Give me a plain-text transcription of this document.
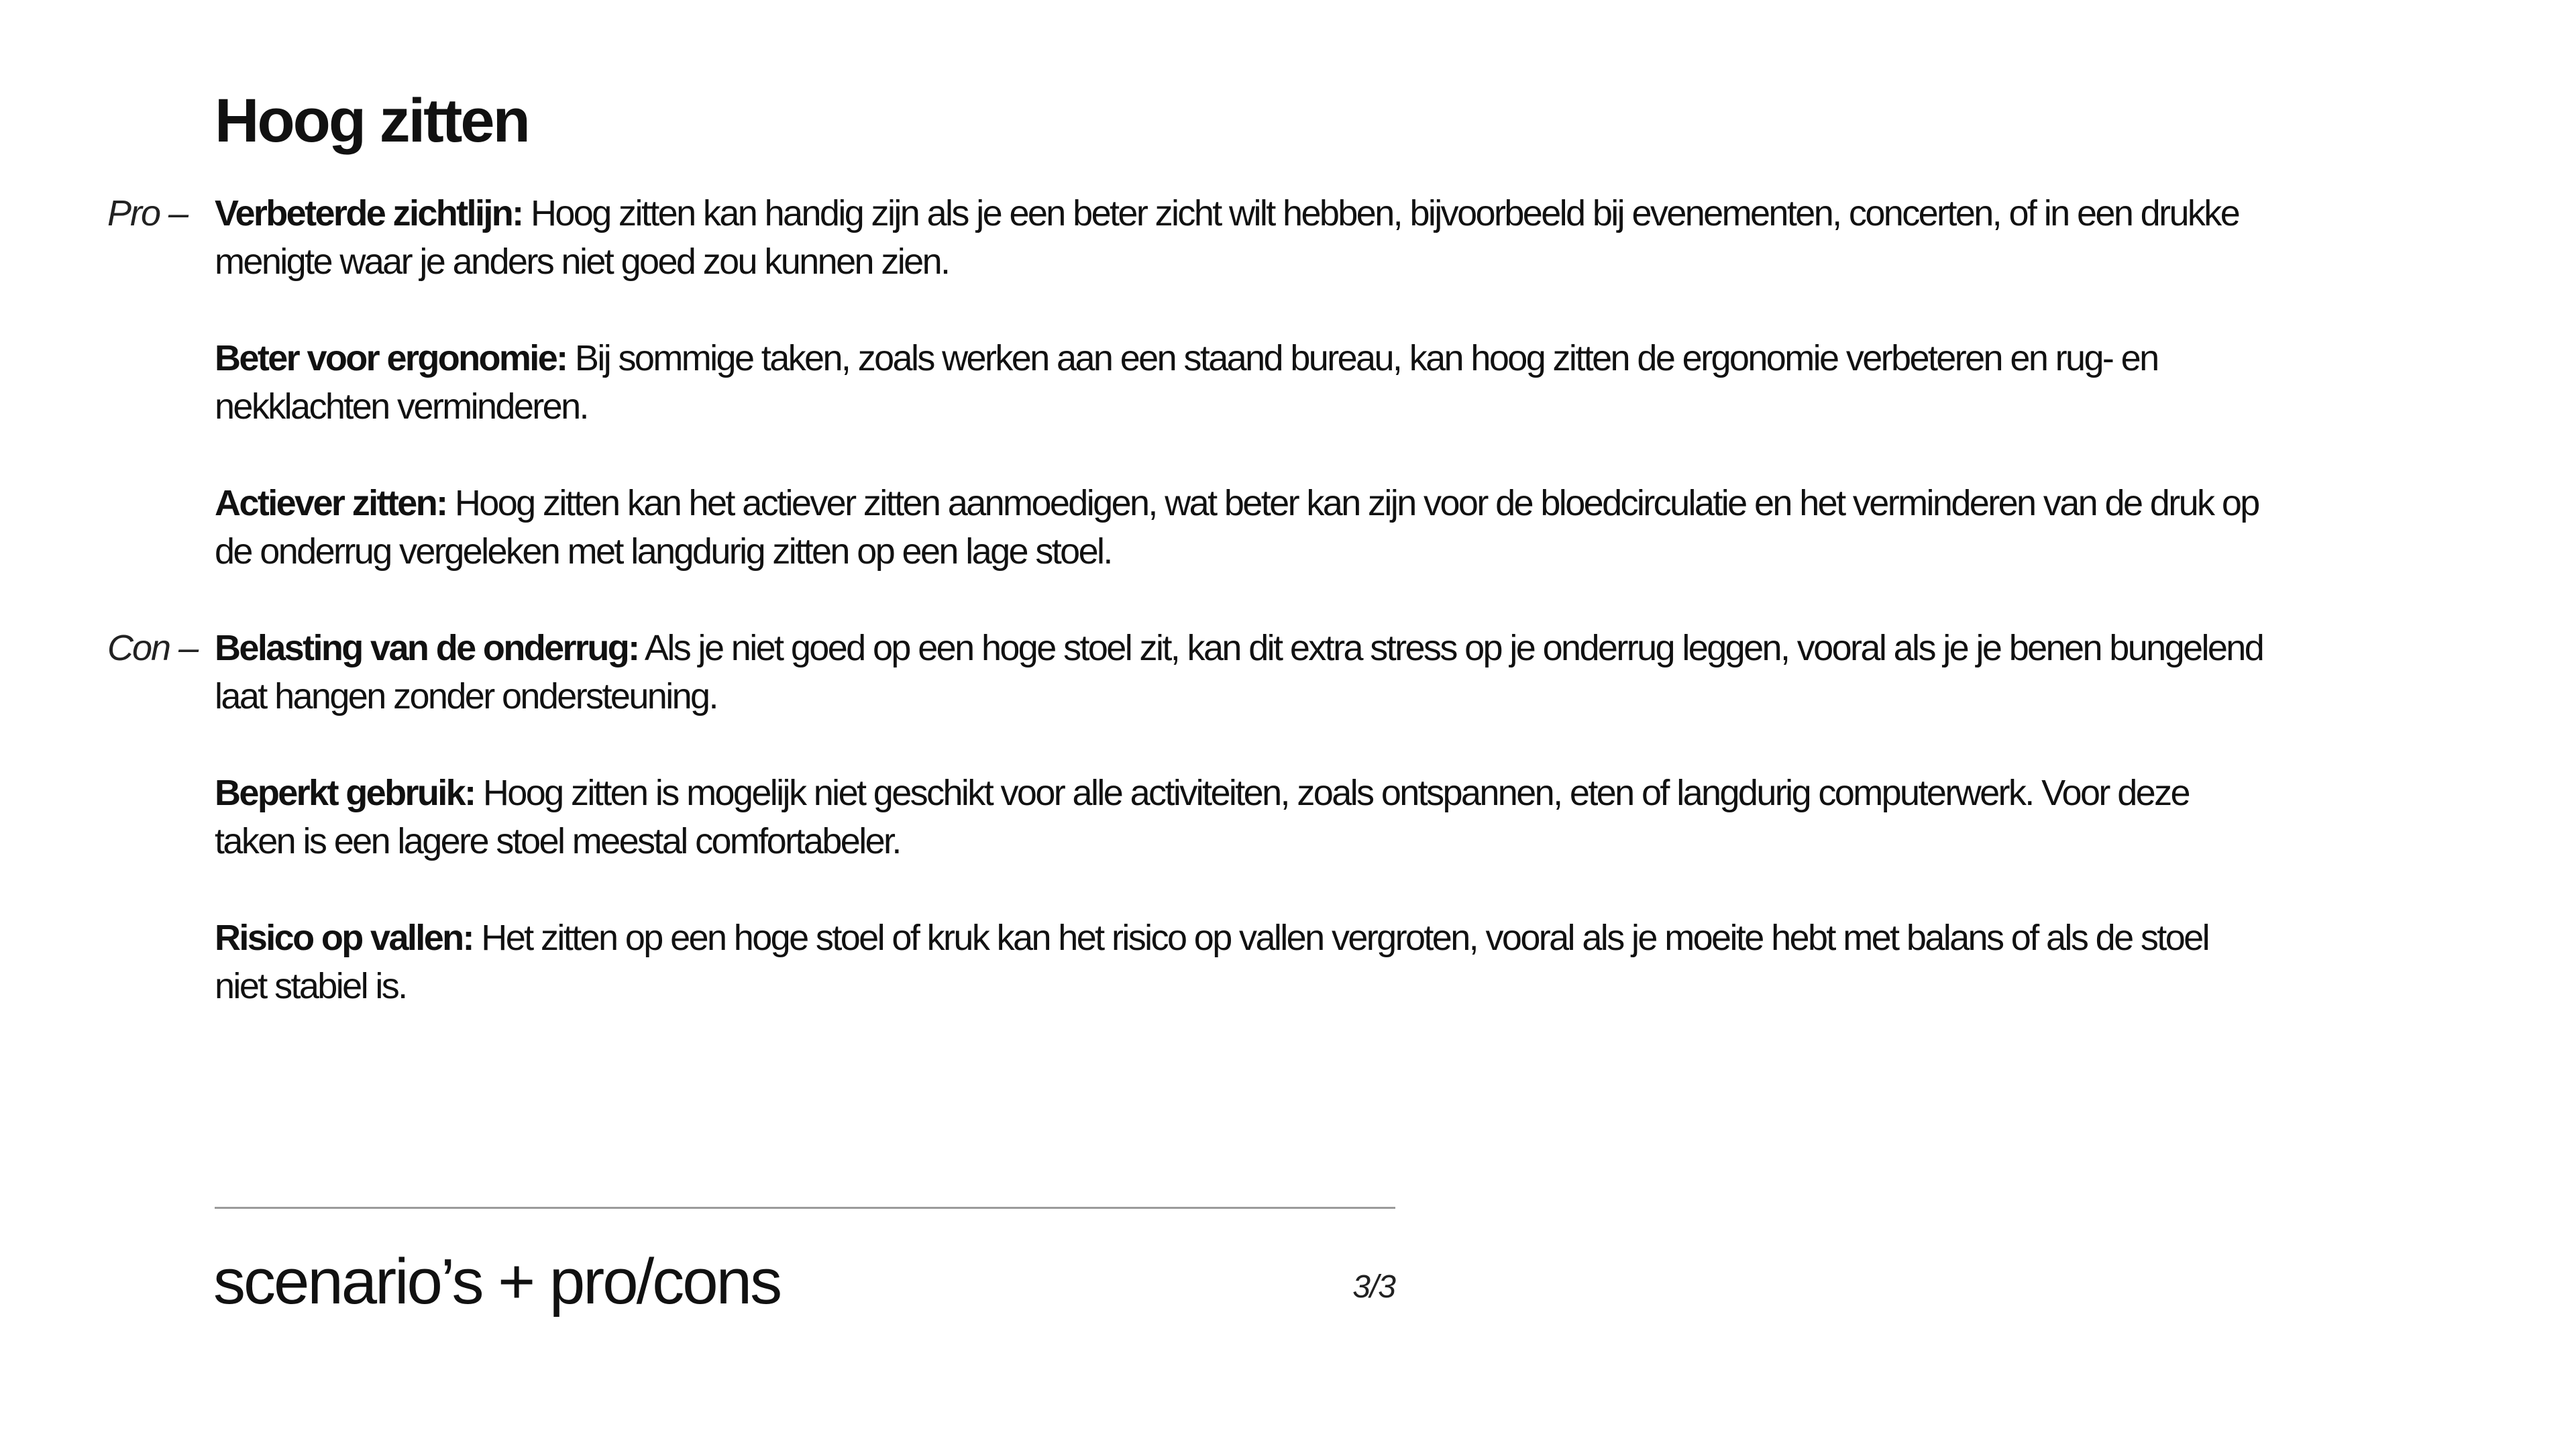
Hoog zitten
Pro – Verbeterde zichtlijn: Hoog zitten kan handig zijn als je een beter zicht wilt hebben, bijvoorbeeld bij evenementen, concerten, of in een drukke menigte waar je anders niet goed zou kunnen zien.

Beter voor ergonomie: Bij sommige taken, zoals werken aan een staand bureau, kan hoog zitten de ergonomie verbeteren en rug- en nekklachten verminderen.

Actiever zitten: Hoog zitten kan het actiever zitten aanmoedigen, wat beter kan zijn voor de bloedcirculatie en het verminderen van de druk op de onderrug vergeleken met langdurig zitten op een lage stoel.

Con – Belasting van de onderrug: Als je niet goed op een hoge stoel zit, kan dit extra stress op je onderrug leggen, vooral als je je benen bungelend laat hangen zonder ondersteuning.

Beperkt gebruik: Hoog zitten is mogelijk niet geschikt voor alle activiteiten, zoals ontspannen, eten of langdurig computerwerk. Voor deze taken is een lagere stoel meestal comfortabeler.

Risico op vallen: Het zitten op een hoge stoel of kruk kan het risico op vallen vergroten, vooral als je moeite hebt met balans of als de stoel niet stabiel is.

scenario’s + pro/cons	3/3
